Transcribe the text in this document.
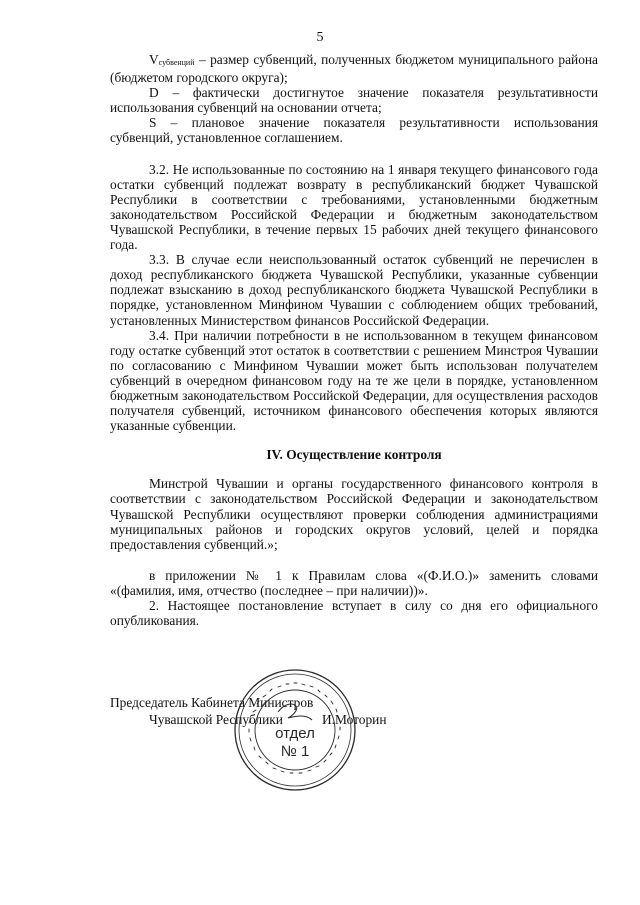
5

$V_{субвенций}$ – размер субвенций, полученных бюджетом муниципального района (бюджетом городского округа);

D – фактически достигнутое значение показателя результативности использования субвенций на основании отчета;

S – плановое значение показателя результативности использования субвенций, установленное соглашением.

3.2. Не использованные по состоянию на 1 января текущего финансового года остатки субвенций подлежат возврату в республиканский бюджет Чувашской Республики в соответствии с требованиями, установленными бюджетным законодательством Российской Федерации и бюджетным законодательством Чувашской Республики, в течение первых 15 рабочих дней текущего финансового года.

3.3. В случае если неиспользованный остаток субвенций не перечислен в доход республиканского бюджета Чувашской Республики, указанные субвенции подлежат взысканию в доход республиканского бюджета Чувашской Республики в порядке, установленном Минфином Чувашии с соблюдением общих требований, установленных Министерством финансов Российской Федерации.

3.4. При наличии потребности в не использованном в текущем финансовом году остатке субвенций этот остаток в соответствии с решением Минстроя Чувашии по согласованию с Минфином Чувашии может быть использован получателем субвенций в очередном финансовом году на те же цели в порядке, установленном бюджетным законодательством Российской Федерации, для осуществления расходов получателя субвенций, источником финансового обеспечения которых являются указанные субвенции.

IV. Осуществление контроля

Минстрой Чувашии и органы государственного финансового контроля в соответствии с законодательством Российской Федерации и законодательством Чувашской Республики осуществляют проверки соблюдения администрациями муниципальных районов и городских округов условий, целей и порядка предоставления субвенций.»;

в приложении № 1 к Правилам слова «(Ф.И.О.)» заменить словами «(фамилия, имя, отчество (последнее – при наличии))».

2. Настоящее постановление вступает в силу со дня его официального опубликования.

Председатель Кабинета Министров
Чувашской Республики	И.Моторин
отдел
№ 1
